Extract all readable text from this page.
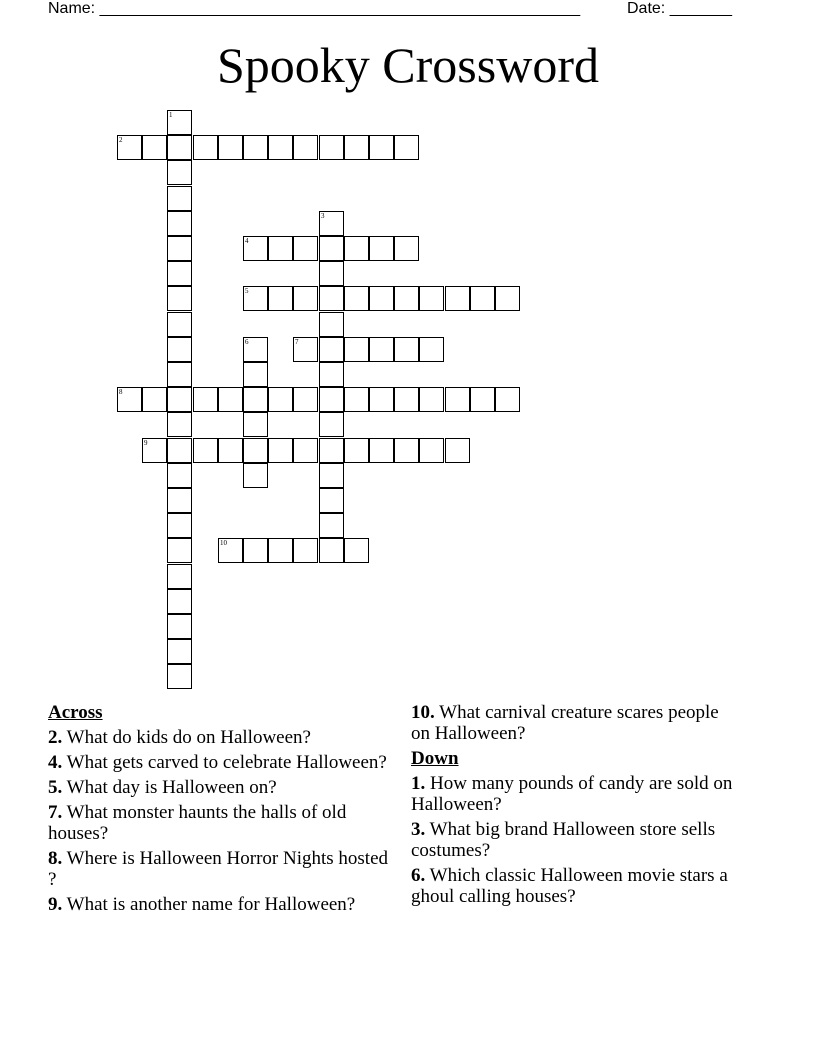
Name: ______________________________________________________	Date: _______
Spooky Crossword
1
2
3
4
5
6	7
8
9
10
Across
2. What do kids do on Halloween?
4. What gets carved to celebrate Halloween?
5. What day is Halloween on?
7. What monster haunts the halls of old houses?
8. Where is Halloween Horror Nights hosted ?
9. What is another name for Halloween?
10. What carnival creature scares people on Halloween?
Down
1. How many pounds of candy are sold on Halloween?
3. What big brand Halloween store sells costumes?
6. Which classic Halloween movie stars a ghoul calling houses?
